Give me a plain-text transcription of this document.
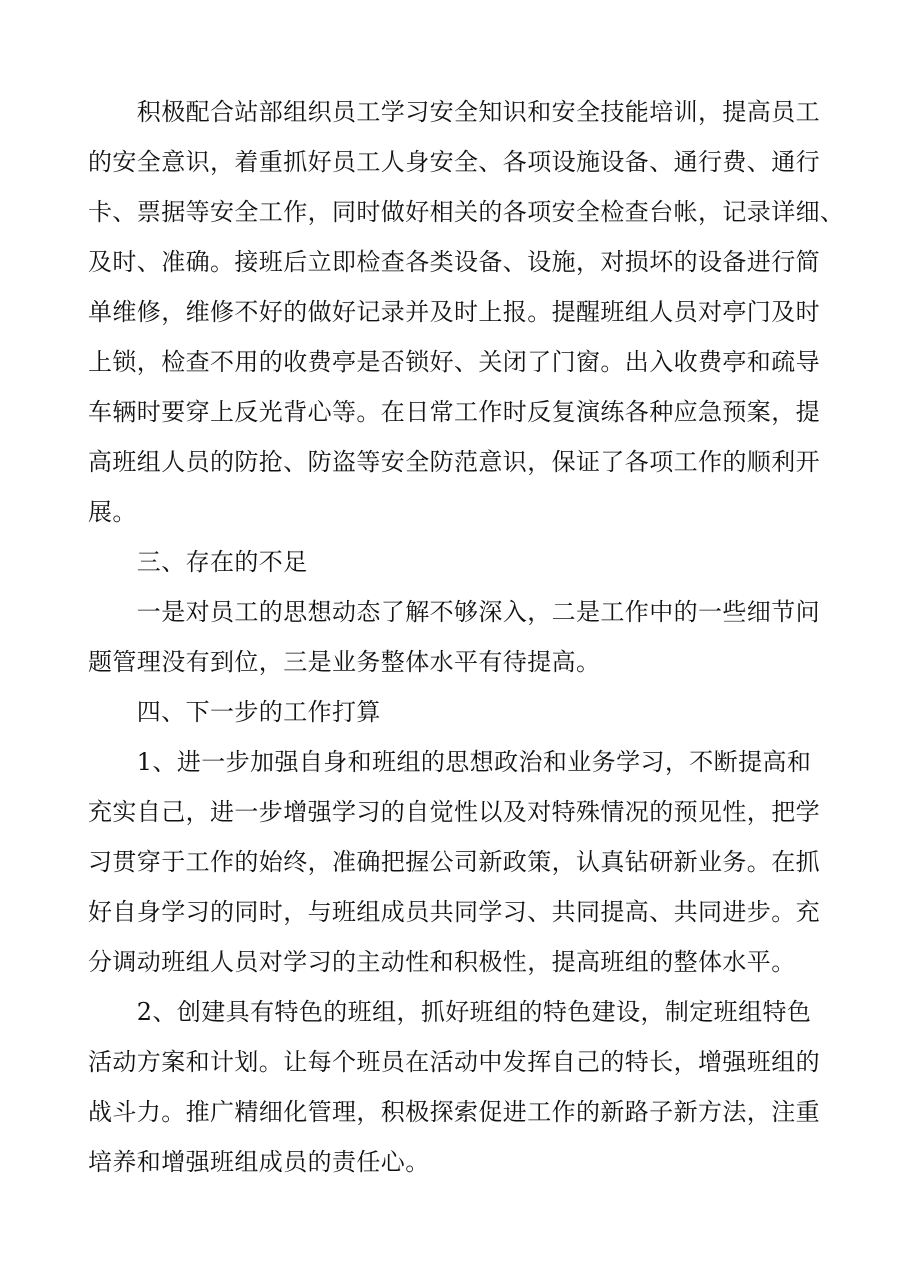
　　积极配合站部组织员工学习安全知识和安全技能培训，提高员工
的安全意识，着重抓好员工人身安全、各项设施设备、通行费、通行
卡、票据等安全工作，同时做好相关的各项安全检查台帐，记录详细、
及时、准确。接班后立即检查各类设备、设施，对损坏的设备进行简
单维修，维修不好的做好记录并及时上报。提醒班组人员对亭门及时
上锁，检查不用的收费亭是否锁好、关闭了门窗。出入收费亭和疏导
车辆时要穿上反光背心等。在日常工作时反复演练各种应急预案，提
高班组人员的防抢、防盗等安全防范意识，保证了各项工作的顺利开
展。
　　三、存在的不足
　　一是对员工的思想动态了解不够深入，二是工作中的一些细节问
题管理没有到位，三是业务整体水平有待提高。
　　四、下一步的工作打算
　　1、进一步加强自身和班组的思想政治和业务学习，不断提高和
充实自己，进一步增强学习的自觉性以及对特殊情况的预见性，把学
习贯穿于工作的始终，准确把握公司新政策，认真钻研新业务。在抓
好自身学习的同时，与班组成员共同学习、共同提高、共同进步。充
分调动班组人员对学习的主动性和积极性，提高班组的整体水平。
　　2、创建具有特色的班组，抓好班组的特色建设，制定班组特色
活动方案和计划。让每个班员在活动中发挥自己的特长，增强班组的
战斗力。推广精细化管理，积极探索促进工作的新路子新方法，注重
培养和增强班组成员的责任心。
